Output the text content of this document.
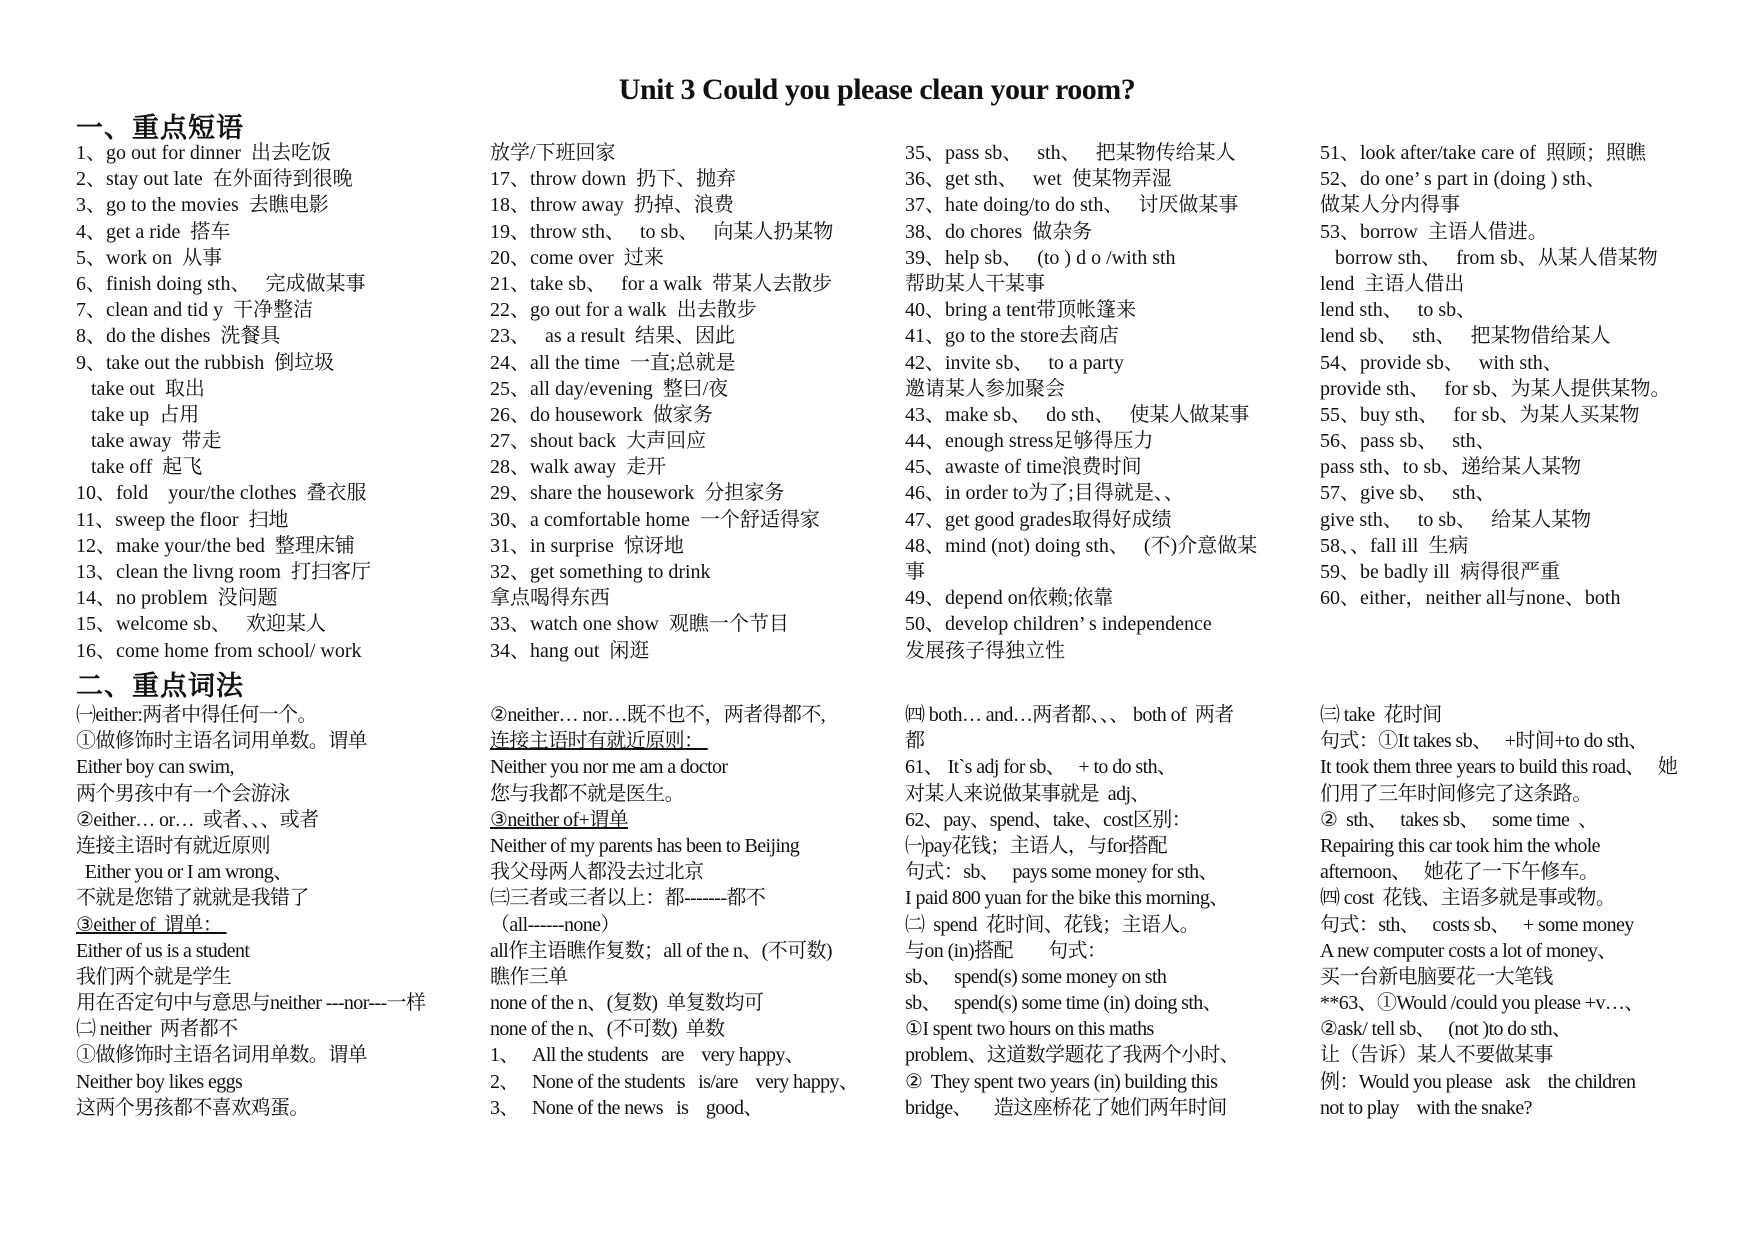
Unit 3 Could you please clean your room?
一、重点短语
二、重点词法
1、go out for dinner  出去吃饭
2、stay out late  在外面待到很晚
3、go to the movies  去瞧电影
4、get a ride  搭车
5、work on  从事
6、finish doing sth、   完成做某事
7、clean and tid y  干净整洁
8、do the dishes  洗餐具
9、take out the rubbish  倒垃圾
take out  取出
take up  占用
take away  带走
take off  起飞
10、fold    your/the clothes  叠衣服
11、sweep the floor  扫地
12、make your/the bed  整理床铺
13、clean the livng room  打扫客厅
14、no problem  没问题
15、welcome sb、   欢迎某人
16、come home from school/ work
放学/下班回家
17、throw down  扔下、抛弃
18、throw away  扔掉、浪费
19、throw sth、   to sb、   向某人扔某物
20、come over  过来
21、take sb、   for a walk  带某人去散步
22、go out for a walk  出去散步
23、   as a result  结果、因此
24、all the time  一直;总就是
25、all day/evening  整曰/夜
26、do housework  做家务
27、shout back  大声回应
28、walk away  走开
29、share the housework  分担家务
30、a comfortable home  一个舒适得家
31、in surprise  惊讶地
32、get something to drink
拿点喝得东西
33、watch one show  观瞧一个节目
34、hang out  闲逛
35、pass sb、   sth、   把某物传给某人
36、get sth、   wet  使某物弄湿
37、hate doing/to do sth、   讨厌做某事
38、do chores  做杂务
39、help sb、   (to ) d o /with sth
帮助某人干某事
40、bring a tent带顶帐篷来
41、go to the store去商店
42、invite sb、   to a party
邀请某人参加聚会
43、make sb、   do sth、   使某人做某事
44、enough stress足够得压力
45、awaste of time浪费时间
46、in order to为了;目得就是、、
47、get good grades取得好成绩
48、mind (not) doing sth、   (不)介意做某
事
49、depend on依赖;依靠
50、develop children’ s independence
发展孩子得独立性
51、look after/take care of  照顾；照瞧
52、do one’ s part in (doing ) sth、
做某人分内得事
53、borrow  主语人借进。
borrow sth、   from sb、从某人借某物
lend  主语人借出
lend sth、   to sb、
lend sb、   sth、   把某物借给某人
54、provide sb、   with sth、
provide sth、   for sb、为某人提供某物。
55、buy sth、   for sb、为某人买某物
56、pass sb、   sth、
pass sth、to sb、递给某人某物
57、give sb、   sth、
give sth、   to sb、   给某人某物
58、、fall ill  生病
59、be badly ill  病得很严重
60、either，neither all与none、both
㈠either:两者中得任何一个。
①做修饰时主语名词用单数。谓单
Either boy can swim,
两个男孩中有一个会游泳
②either… or…  或者、、、或者
连接主语时有就近原则
Either you or I am wrong、
不就是您错了就就是我错了
③either of  谓单：
Either of us is a student
我们两个就是学生
用在否定句中与意思与neither ---nor---一样
㈡ neither  两者都不
①做修饰时主语名词用单数。谓单
Neither boy likes eggs
这两个男孩都不喜欢鸡蛋。
②neither… nor…既不也不，两者得都不,
连接主语时有就近原则：
Neither you nor me am a doctor
您与我都不就是医生。
③neither of+谓单
Neither of my parents has been to Beijing
我父母两人都没去过北京
㈢三者或三者以上：都-------都不
（all------none）
all作主语瞧作复数；all of the n、(不可数)
瞧作三单
none of the n、(复数)  单复数均可
none of the n、(不可数)  单数
1、   All the students   are    very happy、
2、   None of the students   is/are    very happy、
3、   None of the news   is    good、
㈣ both… and…两者都、、、 both of  两者
都
61、 It`s adj for sb、   + to do sth、
对某人来说做某事就是  adj、
62、pay、spend、take、cost区别：
㈠pay花钱；主语人，与for搭配
句式：sb、   pays some money for sth、
I paid 800 yuan for the bike this morning、
㈡  spend  花时间、花钱；主语人。
与on (in)搭配        句式：
sb、   spend(s) some money on sth
sb、   spend(s) some time (in) doing sth、
①I spent two hours on this maths
problem、这道数学题花了我两个小时、
②  They spent two years (in) building this
bridge、     造这座桥花了她们两年时间
㈢ take  花时间
句式：①It takes sb、   +时间+to do sth、
It took them three years to build this road、   她
们用了三年时间修完了这条路。
②  sth、   takes sb、   some time  、
Repairing this car took him the whole
afternoon、   她花了一下午修车。
㈣ cost  花钱、主语多就是事或物。
句式：sth、   costs sb、   + some money
A new computer costs a lot of money、
买一台新电脑要花一大笔钱
**63、①Would /could you please +v…、
②ask/ tell sb、   (not )to do sth、
让（告诉）某人不要做某事
例：Would you please   ask    the children
not to play    with the snake?
